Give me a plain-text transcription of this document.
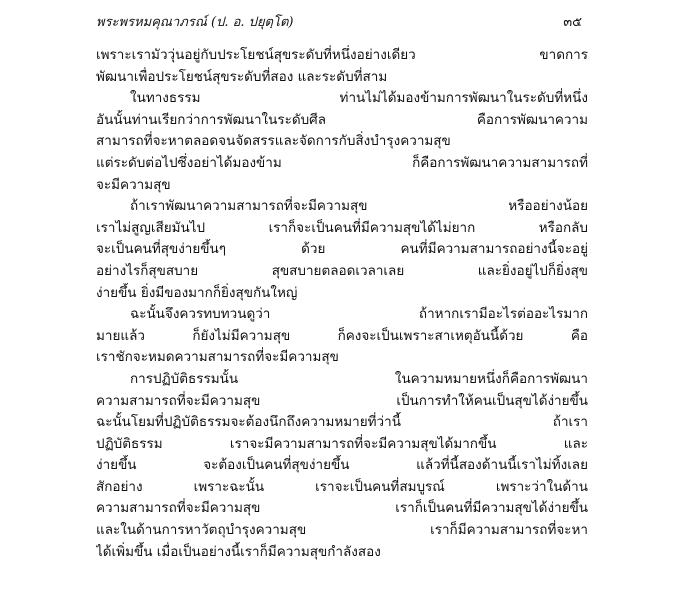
พระพรหมคุณาภรณ์ (ป. อ. ปยุตฺโต)	๓๕
เพราะเรามัววุ่นอยู่กับประโยชน์สุขระดับที่หนึ่งอย่างเดียว ขาดการ
พัฒนาเพื่อประโยชน์สุขระดับที่สอง และระดับที่สาม
ในทางธรรม ท่านไม่ได้มองข้ามการพัฒนาในระดับที่หนึ่ง
อันนั้นท่านเรียกว่าการพัฒนาในระดับศีล คือการพัฒนาความ
สามารถที่จะหาตลอดจนจัดสรรและจัดการกับสิ่งบำรุงความสุข
แต่ระดับต่อไปซึ่งอย่าได้มองข้าม ก็คือการพัฒนาความสามารถที่
จะมีความสุข
ถ้าเราพัฒนาความสามารถที่จะมีความสุข หรืออย่างน้อย
เราไม่สูญเสียมันไป เราก็จะเป็นคนที่มีความสุขได้ไม่ยาก หรือกลับ
จะเป็นคนที่สุขง่ายขึ้นๆ ด้วย คนที่มีความสามารถอย่างนี้จะอยู่
อย่างไรก็สุขสบาย สุขสบายตลอดเวลาเลย และยิ่งอยู่ไปก็ยิ่งสุข
ง่ายขึ้น ยิ่งมีของมากก็ยิ่งสุขกันใหญ่
ฉะนั้นจึงควรทบทวนดูว่า ถ้าหากเรามีอะไรต่ออะไรมาก
มายแล้ว ก็ยังไม่มีความสุข ก็คงจะเป็นเพราะสาเหตุอันนี้ด้วย คือ
เราชักจะหมดความสามารถที่จะมีความสุข
การปฏิบัติธรรมนั้น ในความหมายหนึ่งก็คือการพัฒนา
ความสามารถที่จะมีความสุข เป็นการทำให้คนเป็นสุขได้ง่ายขึ้น
ฉะนั้นโยมที่ปฏิบัติธรรมจะต้องนึกถึงความหมายที่ว่านี้ ถ้าเรา
ปฏิบัติธรรม เราจะมีความสามารถที่จะมีความสุขได้มากขึ้น และ
ง่ายขึ้น จะต้องเป็นคนที่สุขง่ายขึ้น แล้วที่นี้สองด้านนี้เราไม่ทิ้งเลย
สักอย่าง เพราะฉะนั้น เราจะเป็นคนที่สมบูรณ์ เพราะว่าในด้าน
ความสามารถที่จะมีความสุข เราก็เป็นคนที่มีความสุขได้ง่ายขึ้น
และในด้านการหาวัตถุบำรุงความสุข เราก็มีความสามารถที่จะหา
ได้เพิ่มขึ้น เมื่อเป็นอย่างนี้เราก็มีความสุขกำลังสอง
